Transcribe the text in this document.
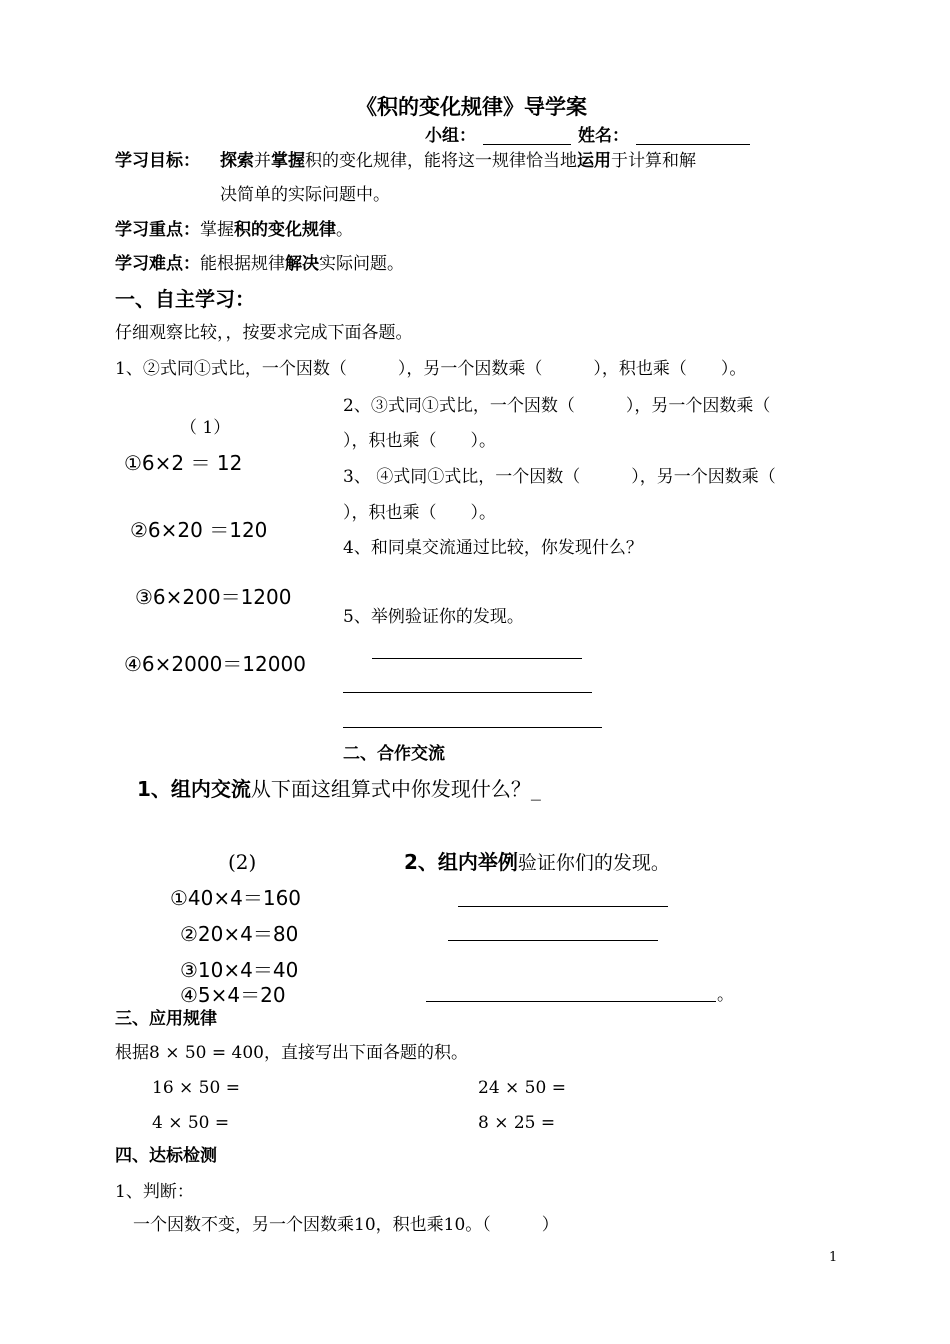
《积的变化规律》导学案
小组：	姓名：
学习目标： 探索并掌握积的变化规律，能将这一规律恰当地运用于计算和解
决简单的实际问题中。
学习重点：掌握积的变化规律。
学习难点：能根据规律解决实际问题。
一、自主学习：
仔细观察比较，，按要求完成下面各题。
1、②式同①式比，一个因数（　　　），另一个因数乘（　　　），积也乘（　　）。
2、③式同①式比，一个因数（　　　），另一个因数乘（
），积也乘（　　）。
3、 ④式同①式比，一个因数（　　　），另一个因数乘（
），积也乘（　　）。
4、和同桌交流通过比较，你发现什么？
5、举例验证你的发现。
（ 1）
①6×2 ＝ 12
②6×20 ＝120
③6×200＝1200
④6×2000＝12000
二、合作交流
1、组内交流从下面这组算式中你发现什么？_
(2)	2、组内举例验证你们的发现。
①40×4＝160
②20×4＝80
③10×4＝40
④5×4＝20	。
三、应用规律
根据8 × 50 = 400，直接写出下面各题的积。
16 × 50 =	24 × 50 =
4 × 50 =	8 × 25 =
四、达标检测
1、判断：
一个因数不变，另一个因数乘10，积也乘10。（　　　）
1
